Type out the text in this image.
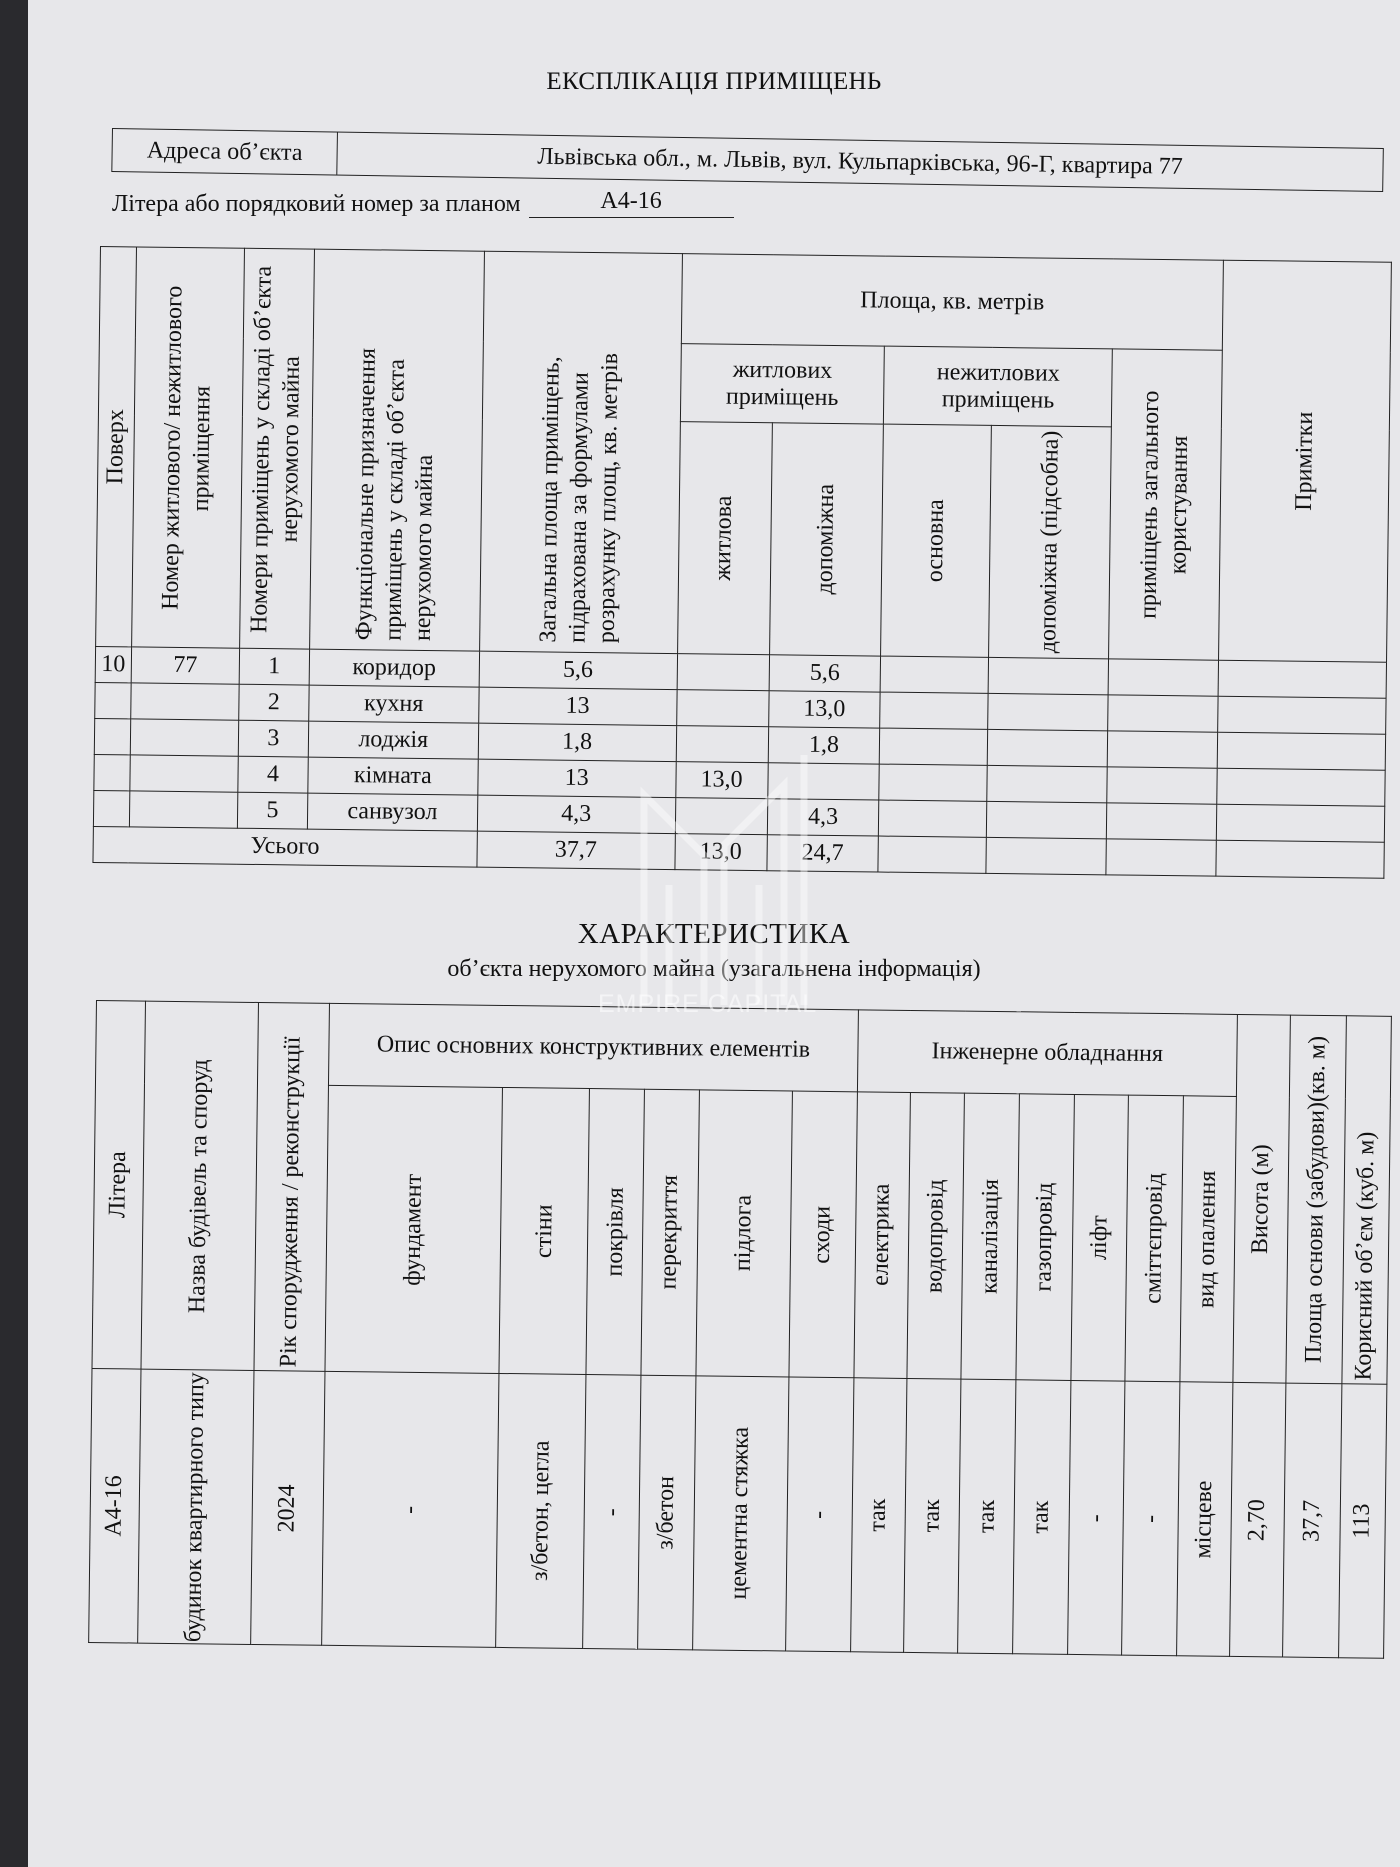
ЕКСПЛІКАЦІЯ ПРИМІЩЕНЬ
Адреса об’єкта	Львівська обл., м. Львів, вул. Кульпарківська, 96-Г, квартира 77
Літера або порядковий номер за планом	А4-16
Поверх	Номер житлового/ нежитлового приміщення	Номери приміщень у складі об’єкта нерухомого майна	Функціональне призначення приміщень у складі об’єкта нерухомого майна	Загальна площа приміщень, підрахована за формулами розрахунку площ, кв. метрів	Площа, кв. метрів					Примітки

					житлових приміщень		нежитлових приміщень		приміщень загального користування	

					житлова	допоміжна	основна	допоміжна (підсобна)		

10	77	1	коридор	5,6		5,6				
		2	кухня	13		13,0				
		3	лоджія	1,8		1,8				
		4	кімната	13	13,0					
		5	санвузол	4,3		4,3				
Усього				37,7	13,0	24,7				
ХАРАКТЕРИСТИКА
об’єкта нерухомого майна (узагальнена інформація)
Літера	Назва будівель та споруд	Рік спорудження / реконструкції	Опис основних конструктивних елементів						Інженерне обладнання							Висота (м)	Площа основи (забудови)(кв. м)	Корисний об’єм (куб. м)

			фундамент	стіни	покрівля	перекриття	підлога	сходи	електрика	водопровід	каналізація	газопровід	ліфт	сміттєпровід	вид опалення			

А4-16	будинок квартирного типу	2024	-	з/бетон, цегла	-	з/бетон	цементна стяжка	-	так	так	так	так	-	-	місцеве	2,70	37,7	113
EMPIRE CAPITAL
